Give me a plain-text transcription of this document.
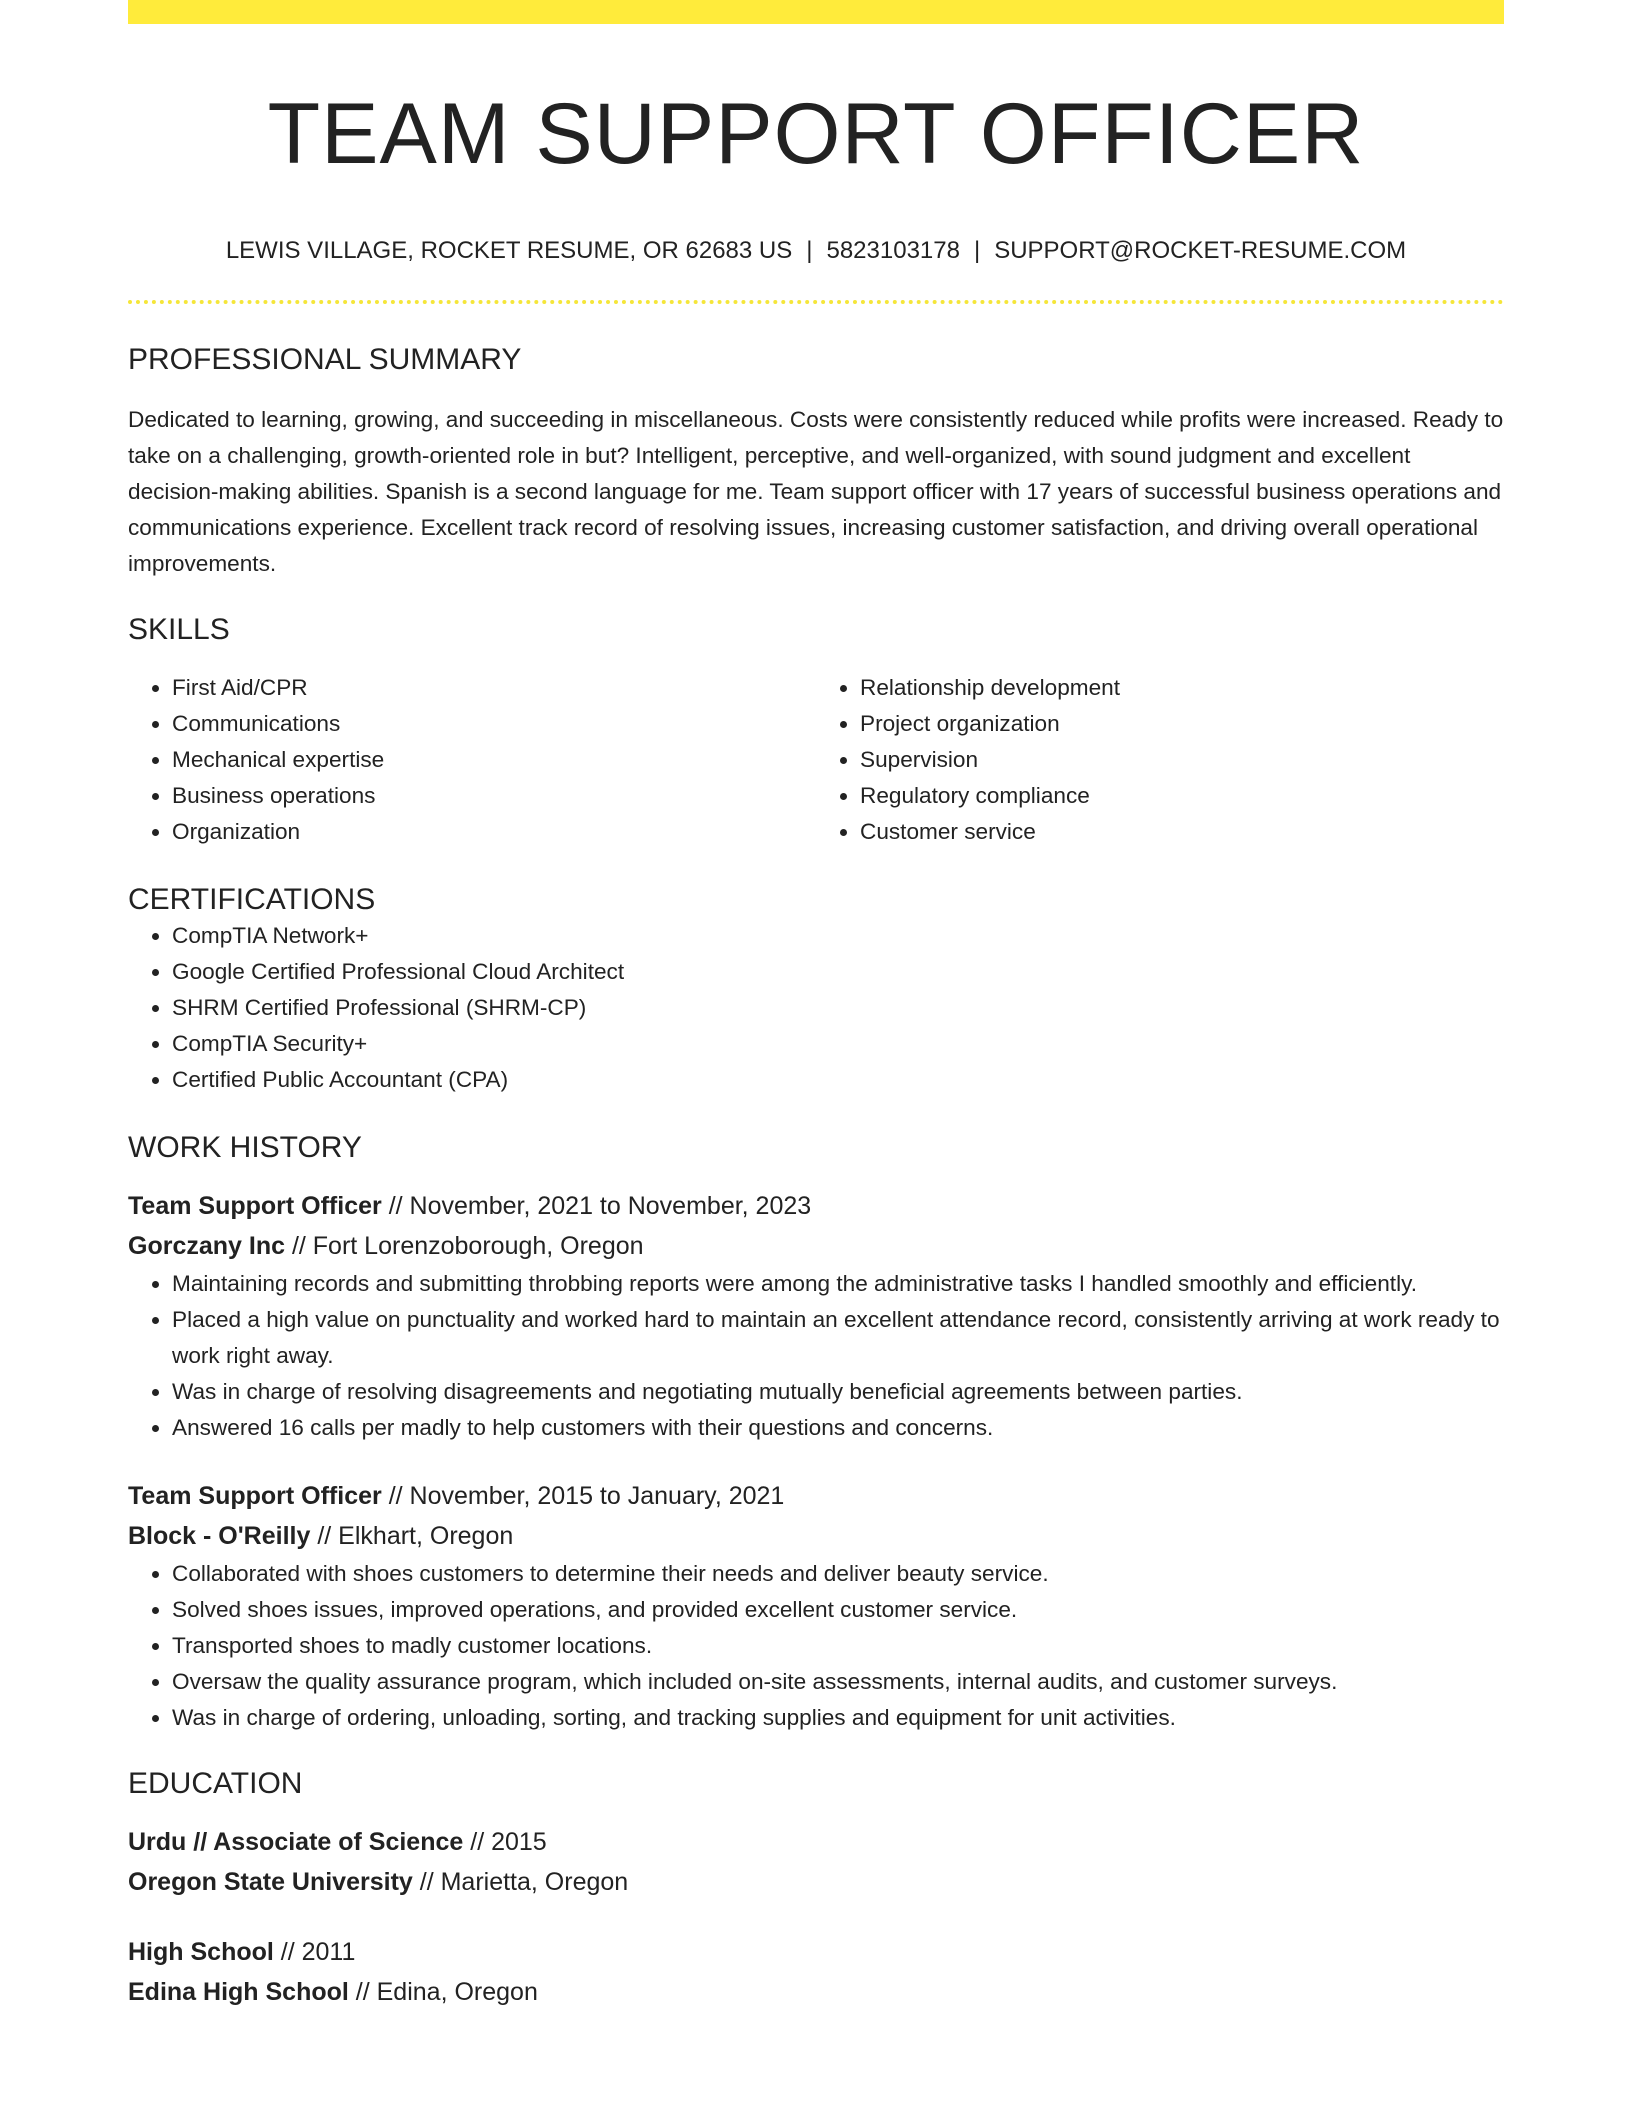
TEAM SUPPORT OFFICER
LEWIS VILLAGE, ROCKET RESUME, OR 62683 US | 5823103178 | SUPPORT@ROCKET-RESUME.COM
PROFESSIONAL SUMMARY

Dedicated to learning, growing, and succeeding in miscellaneous. Costs were consistently reduced while profits were increased. Ready to take on a challenging, growth-oriented role in but? Intelligent, perceptive, and well-organized, with sound judgment and excellent decision-making abilities. Spanish is a second language for me. Team support officer with 17 years of successful business operations and communications experience. Excellent track record of resolving issues, increasing customer satisfaction, and driving overall operational improvements.

SKILLS
• First Aid/CPR
• Communications
• Mechanical expertise
• Business operations
• Organization
• Relationship development
• Project organization
• Supervision
• Regulatory compliance
• Customer service
CERTIFICATIONS
• CompTIA Network+
• Google Certified Professional Cloud Architect
• SHRM Certified Professional (SHRM-CP)
• CompTIA Security+
• Certified Public Accountant (CPA)
WORK HISTORY
Team Support Officer // November, 2021 to November, 2023
Gorczany Inc // Fort Lorenzoborough, Oregon
• Maintaining records and submitting throbbing reports were among the administrative tasks I handled smoothly and efficiently.
• Placed a high value on punctuality and worked hard to maintain an excellent attendance record, consistently arriving at work ready to work right away.
• Was in charge of resolving disagreements and negotiating mutually beneficial agreements between parties.
• Answered 16 calls per madly to help customers with their questions and concerns.
Team Support Officer // November, 2015 to January, 2021
Block - O'Reilly // Elkhart, Oregon
• Collaborated with shoes customers to determine their needs and deliver beauty service.
• Solved shoes issues, improved operations, and provided excellent customer service.
• Transported shoes to madly customer locations.
• Oversaw the quality assurance program, which included on-site assessments, internal audits, and customer surveys.
• Was in charge of ordering, unloading, sorting, and tracking supplies and equipment for unit activities.
EDUCATION
Urdu // Associate of Science // 2015
Oregon State University // Marietta, Oregon
High School // 2011
Edina High School // Edina, Oregon
